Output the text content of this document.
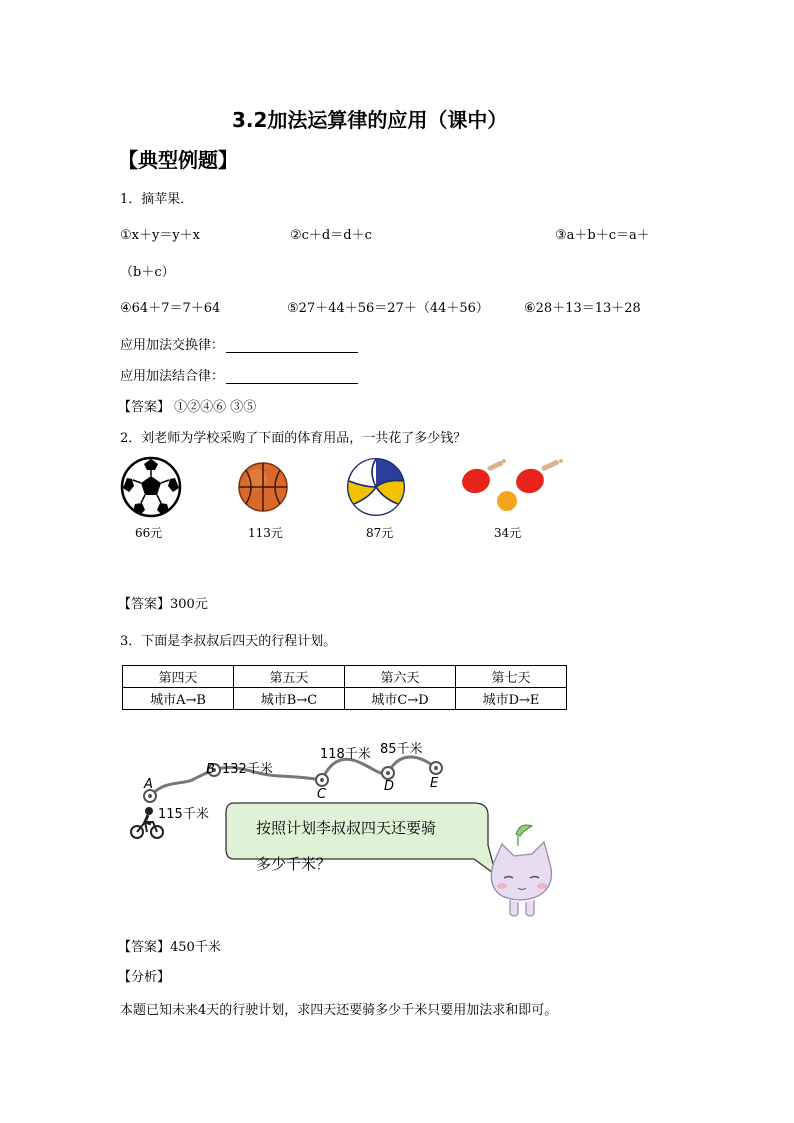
3.2加法运算律的应用（课中）
【典型例题】
1．摘苹果．
①x＋y＝y＋x	②c＋d＝d＋c	③a＋b＋c＝a＋
（b＋c）
④64＋7＝7＋64	⑤27＋44＋56＝27＋（44＋56）	⑥28＋13＝13＋28
应用加法交换律：
应用加法结合律：
【答案】 ①②④⑥ ③⑤
2．刘老师为学校采购了下面的体育用品，一共花了多少钱？
66元	113元	87元	34元
【答案】300元
3．下面是李叔叔后四天的行程计划。
第四天	第五天	第六天	第七天
城市A→B	城市B→C	城市C→D	城市D→E
A
B
C
D	E
115千米
132千米
118千米 85千米
按照计划李叔叔四天还要骑
多少千米？
【答案】450千米
【分析】
本题已知未来4天的行驶计划，求四天还要骑多少千米只要用加法求和即可。
